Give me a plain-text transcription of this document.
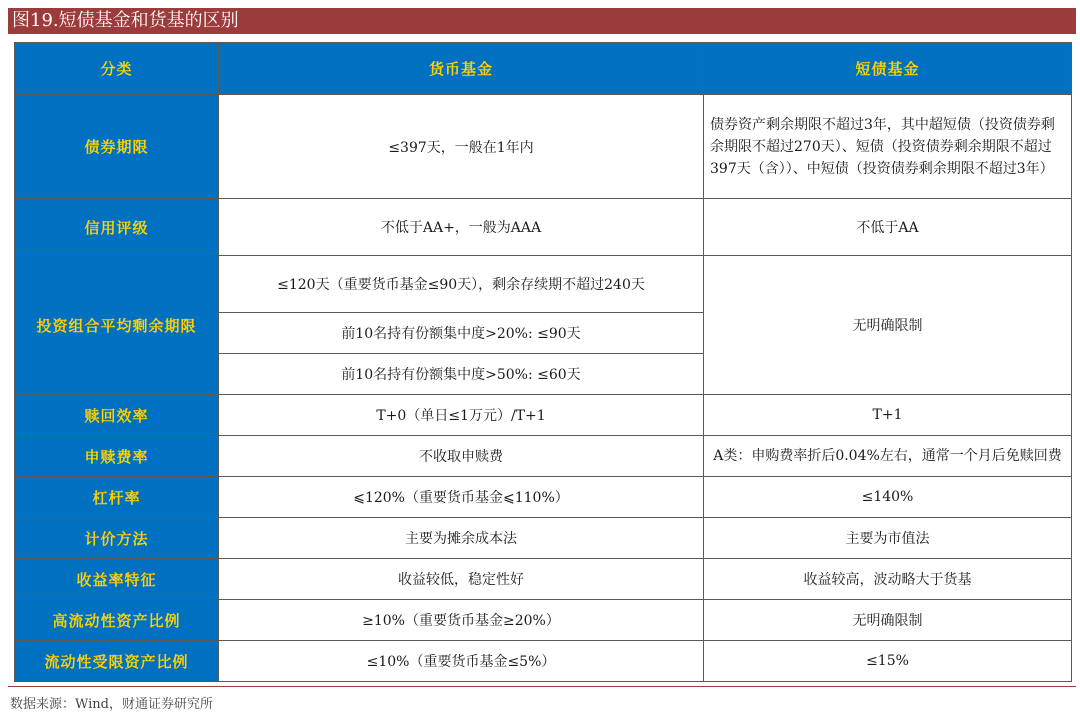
图19.短债基金和货基的区别
分类	货币基金	短债基金
债券期限	≤397天，一般在1年内	债券资产剩余期限不超过3年，其中超短债（投资债券剩余期限不超过270天）、短债（投资债券剩余期限不超过397天（含））、中短债（投资债券剩余期限不超过3年）
信用评级	不低于AA+，一般为AAA	不低于AA
投资组合平均剩余期限	≤120天（重要货币基金≤90天），剩余存续期不超过240天	无明确限制
	前10名持有份额集中度>20%: ≤90天	
	前10名持有份额集中度>50%: ≤60天	
赎回效率	T+0（单日≤1万元）/T+1	T+1
申赎费率	不收取申赎费	A类：申购费率折后0.04%左右，通常一个月后免赎回费
杠杆率	⩽120%（重要货币基金⩽110%）	≤140%
计价方法	主要为摊余成本法	主要为市值法
收益率特征	收益较低，稳定性好	收益较高，波动略大于货基
高流动性资产比例	≥10%（重要货币基金≥20%）	无明确限制
流动性受限资产比例	≤10%（重要货币基金≤5%）	≤15%
数据来源：Wind，财通证券研究所
